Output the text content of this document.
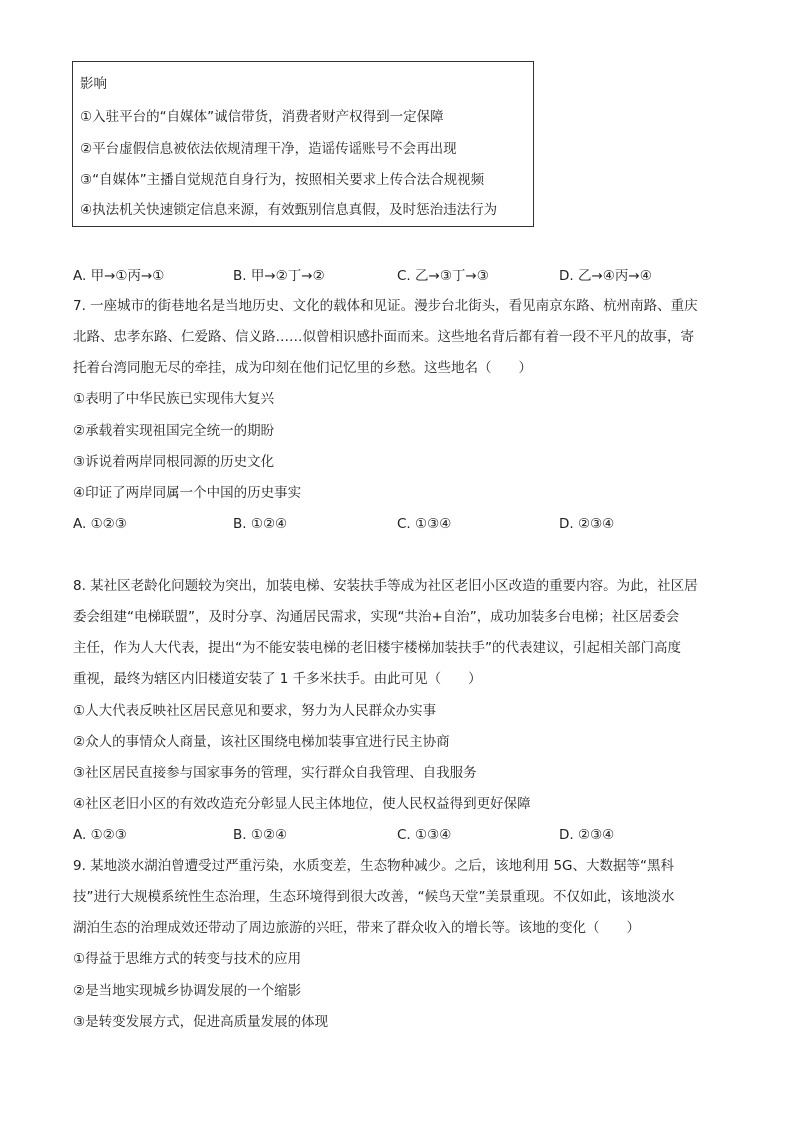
影响
①入驻平台的“自媒体”诚信带货，消费者财产权得到一定保障
②平台虚假信息被依法依规清理干净，造谣传谣账号不会再出现
③“自媒体”主播自觉规范自身行为，按照相关要求上传合法合规视频
④执法机关快速锁定信息来源，有效甄别信息真假，及时惩治违法行为
A. 甲→①丙→①	B. 甲→②丁→②	C. 乙→③丁→③	D. 乙→④丙→④
7. 一座城市的街巷地名是当地历史、文化的载体和见证。漫步台北街头，看见南京东路、杭州南路、重庆
北路、忠孝东路、仁爱路、信义路……似曾相识感扑面而来。这些地名背后都有着一段不平凡的故事，寄
托着台湾同胞无尽的牵挂，成为印刻在他们记忆里的乡愁。这些地名（　　）
①表明了中华民族已实现伟大复兴
②承载着实现祖国完全统一的期盼
③诉说着两岸同根同源的历史文化
④印证了两岸同属一个中国的历史事实
A. ①②③	B. ①②④	C. ①③④	D. ②③④
8. 某社区老龄化问题较为突出，加装电梯、安装扶手等成为社区老旧小区改造的重要内容。为此，社区居
委会组建“电梯联盟”，及时分享、沟通居民需求，实现“共治+自治”，成功加装多台电梯；社区居委会
主任，作为人大代表，提出“为不能安装电梯的老旧楼宇楼梯加装扶手”的代表建议，引起相关部门高度
重视，最终为辖区内旧楼道安装了 1 千多米扶手。由此可见（　　）
①人大代表反映社区居民意见和要求，努力为人民群众办实事
②众人的事情众人商量，该社区围绕电梯加装事宜进行民主协商
③社区居民直接参与国家事务的管理，实行群众自我管理、自我服务
④社区老旧小区的有效改造充分彰显人民主体地位，使人民权益得到更好保障
A. ①②③	B. ①②④	C. ①③④	D. ②③④
9. 某地淡水湖泊曾遭受过严重污染，水质变差，生态物种减少。之后，该地利用 5G、大数据等“黑科
技”进行大规模系统性生态治理，生态环境得到很大改善，“候鸟天堂”美景重现。不仅如此，该地淡水
湖泊生态的治理成效还带动了周边旅游的兴旺，带来了群众收入的增长等。该地的变化（　　）
①得益于思维方式的转变与技术的应用
②是当地实现城乡协调发展的一个缩影
③是转变发展方式，促进高质量发展的体现
